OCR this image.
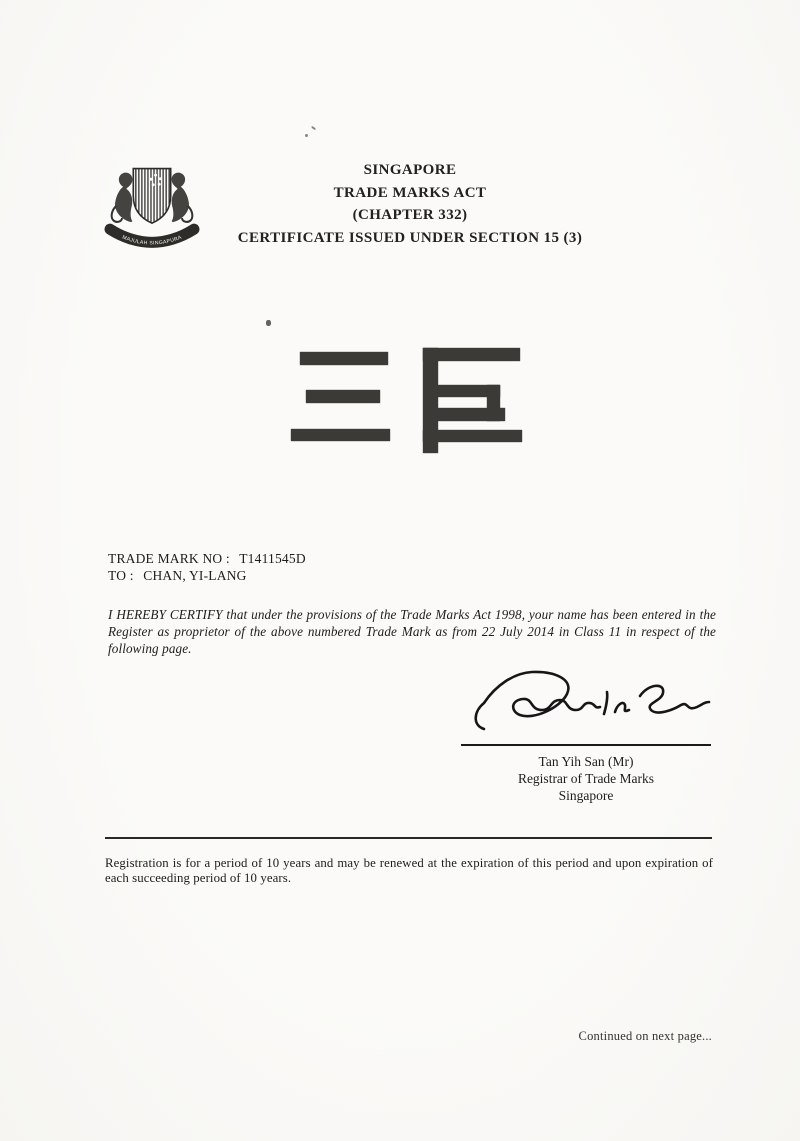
MAJULAH SINGAPURA
SINGAPORE
TRADE MARKS ACT
(CHAPTER 332)
CERTIFICATE ISSUED UNDER SECTION 15 (3)
TRADE MARK NO : T1411545D
TO : CHAN, YI-LANG

I HEREBY CERTIFY that under the provisions of the Trade Marks Act 1998, your name has been entered in the Register as proprietor of the above numbered Trade Mark as from 22 July 2014 in Class 11 in respect of the following page.

Tan Yih San (Mr)
Registrar of Trade Marks
Singapore

Registration is for a period of 10 years and may be renewed at the expiration of this period and upon expiration of each succeeding period of 10 years.

Continued on next page...
